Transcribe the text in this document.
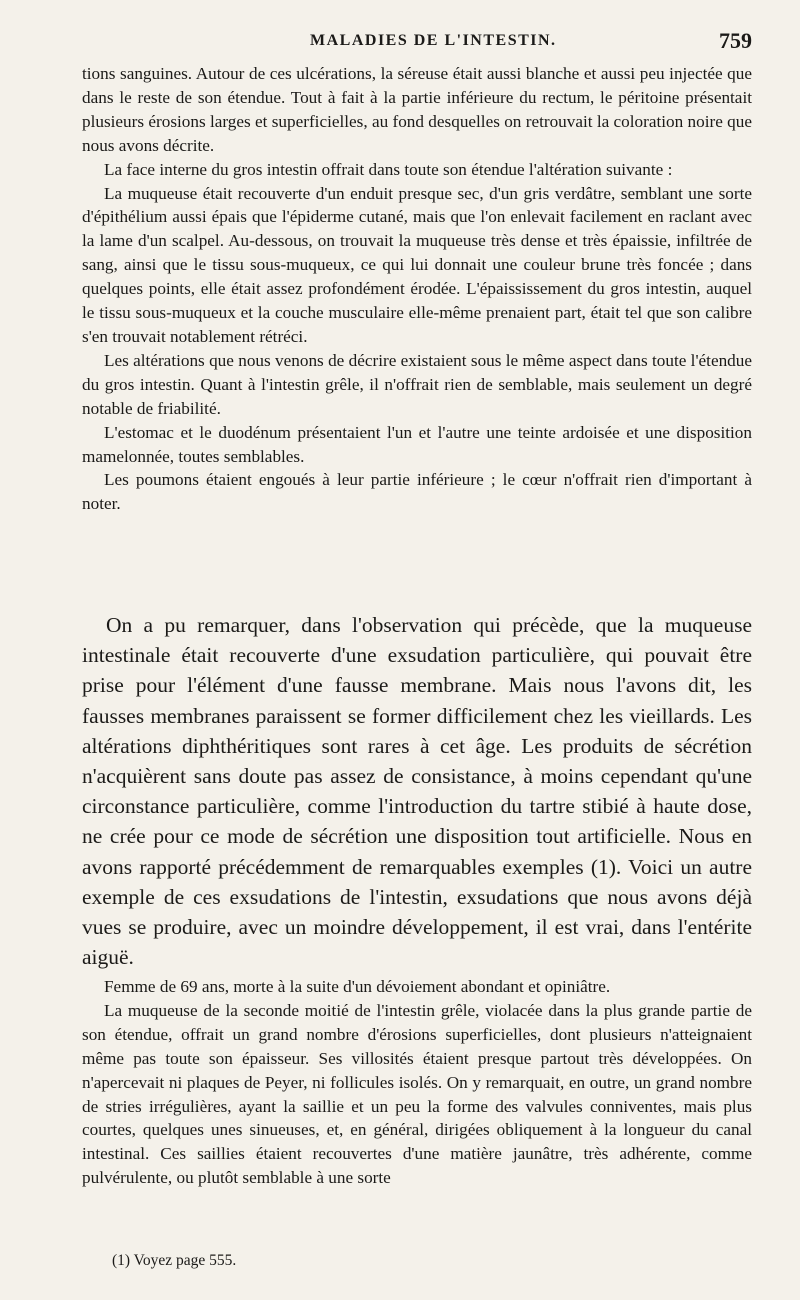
MALADIES DE L'INTESTIN.	759

tions sanguines. Autour de ces ulcérations, la séreuse était aussi blanche et aussi peu injectée que dans le reste de son étendue. Tout à fait à la partie inférieure du rectum, le péritoine présentait plusieurs érosions larges et superficielles, au fond desquelles on retrouvait la coloration noire que nous avons décrite.

La face interne du gros intestin offrait dans toute son étendue l'altération suivante :

La muqueuse était recouverte d'un enduit presque sec, d'un gris verdâtre, semblant une sorte d'épithélium aussi épais que l'épiderme cutané, mais que l'on enlevait facilement en raclant avec la lame d'un scalpel. Au-dessous, on trouvait la muqueuse très dense et très épaissie, infiltrée de sang, ainsi que le tissu sous-muqueux, ce qui lui donnait une couleur brune très foncée ; dans quelques points, elle était assez profondément érodée. L'épaississement du gros intestin, auquel le tissu sous-muqueux et la couche musculaire elle-même prenaient part, était tel que son calibre s'en trouvait notablement rétréci.

Les altérations que nous venons de décrire existaient sous le même aspect dans toute l'étendue du gros intestin. Quant à l'intestin grêle, il n'offrait rien de semblable, mais seulement un degré notable de friabilité.

L'estomac et le duodénum présentaient l'un et l'autre une teinte ardoisée et une disposition mamelonnée, toutes semblables.

Les poumons étaient engoués à leur partie inférieure ; le cœur n'offrait rien d'important à noter.

On a pu remarquer, dans l'observation qui précède, que la muqueuse intestinale était recouverte d'une exsudation particulière, qui pouvait être prise pour l'élément d'une fausse membrane. Mais nous l'avons dit, les fausses membranes paraissent se former difficilement chez les vieillards. Les altérations diphthéritiques sont rares à cet âge. Les produits de sécrétion n'acquièrent sans doute pas assez de consistance, à moins cependant qu'une circonstance particulière, comme l'introduction du tartre stibié à haute dose, ne crée pour ce mode de sécrétion une disposition tout artificielle. Nous en avons rapporté précédemment de remarquables exemples (1). Voici un autre exemple de ces exsudations de l'intestin, exsudations que nous avons déjà vues se produire, avec un moindre développement, il est vrai, dans l'entérite aiguë.

Femme de 69 ans, morte à la suite d'un dévoiement abondant et opiniâtre.

La muqueuse de la seconde moitié de l'intestin grêle, violacée dans la plus grande partie de son étendue, offrait un grand nombre d'érosions superficielles, dont plusieurs n'atteignaient même pas toute son épaisseur. Ses villosités étaient presque partout très développées. On n'apercevait ni plaques de Peyer, ni follicules isolés. On y remarquait, en outre, un grand nombre de stries irrégulières, ayant la saillie et un peu la forme des valvules conniventes, mais plus courtes, quelques unes sinueuses, et, en général, dirigées obliquement à la longueur du canal intestinal. Ces saillies étaient recouvertes d'une matière jaunâtre, très adhérente, comme pulvérulente, ou plutôt semblable à une sorte

(1) Voyez page 555.
